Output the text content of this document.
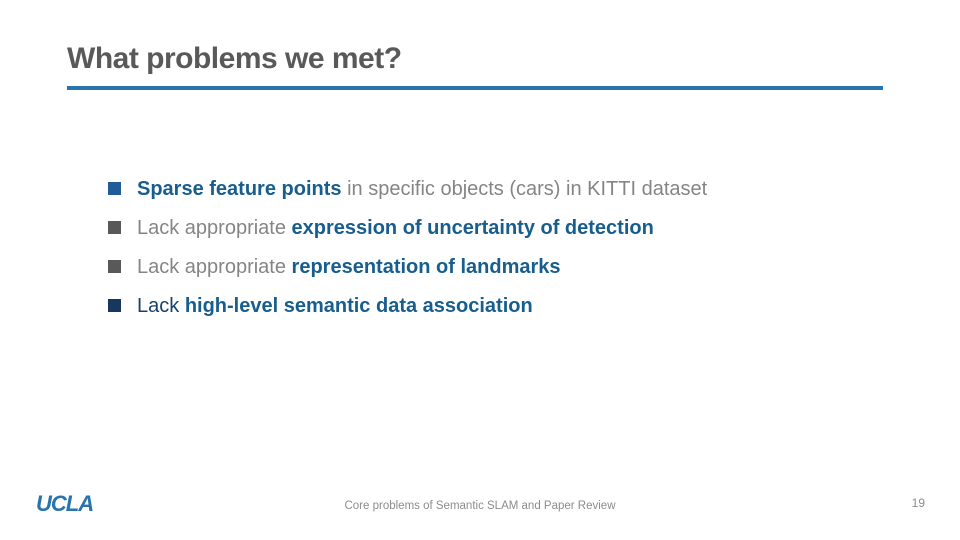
What problems we met?
Sparse feature points in specific objects (cars) in KITTI dataset
Lack appropriate expression of uncertainty of detection
Lack appropriate representation of landmarks
Lack high-level semantic data association
UCLA	Core problems of Semantic SLAM and Paper Review	19
